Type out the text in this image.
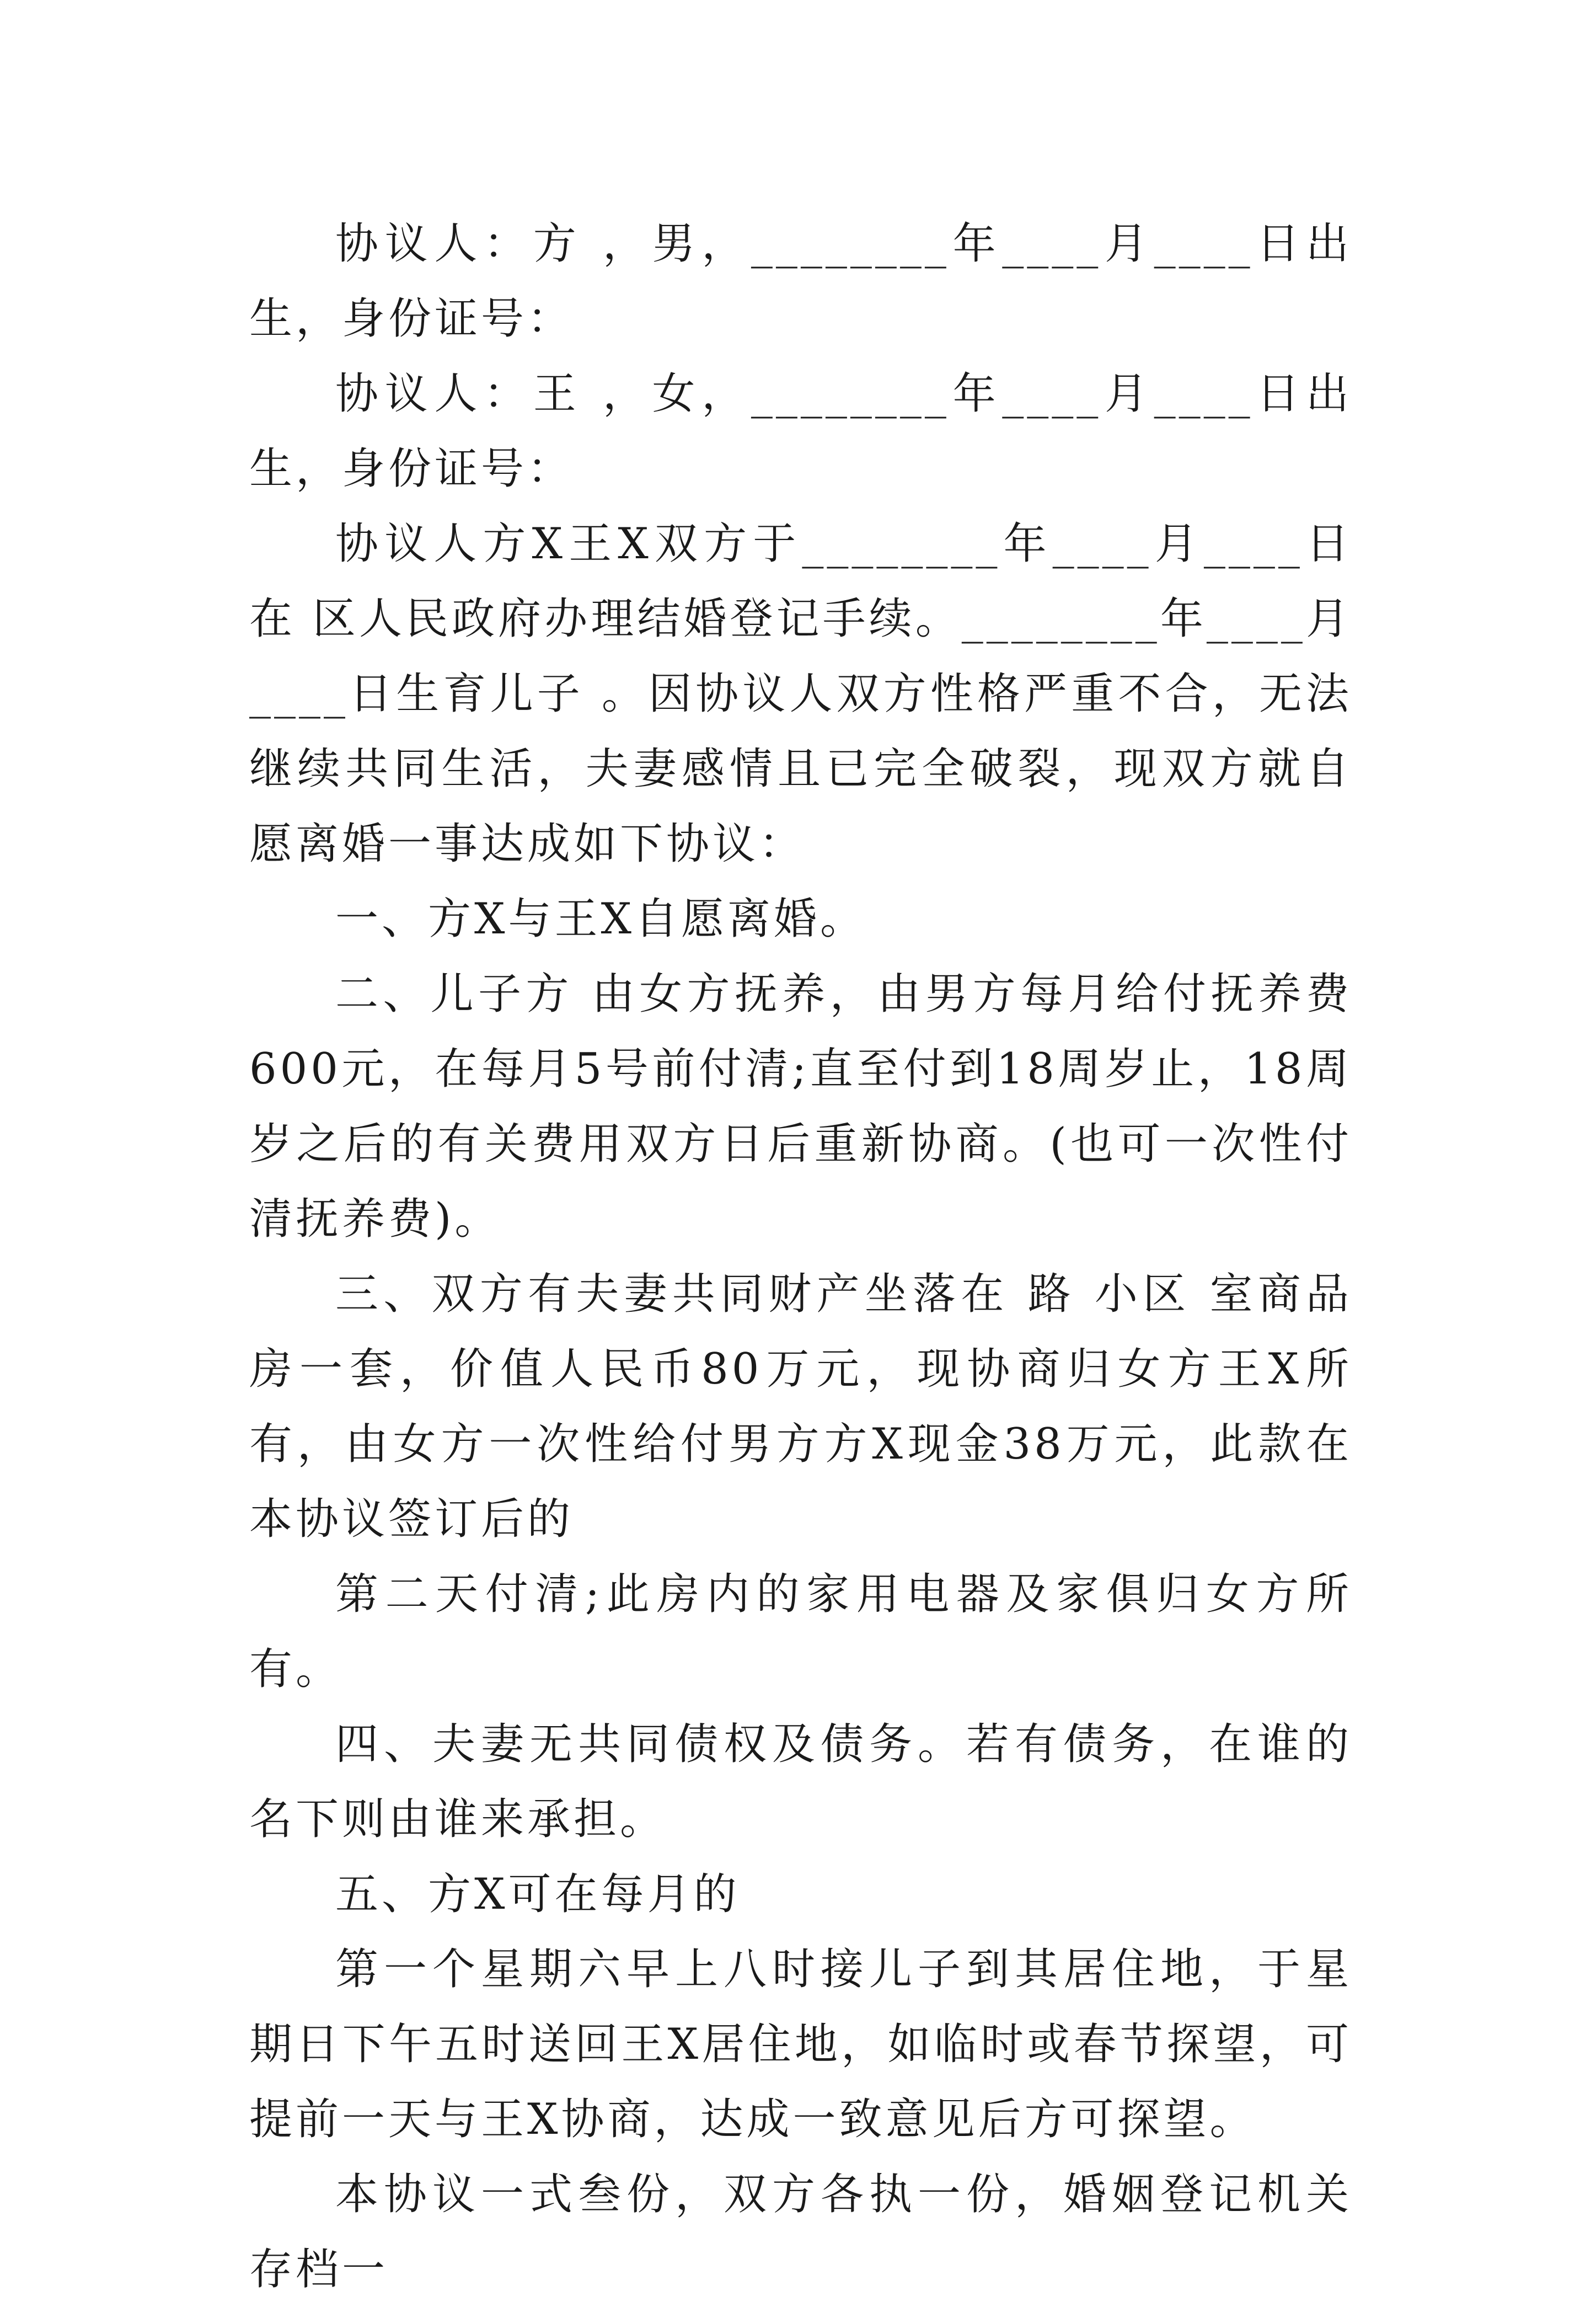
协议人：方 ，男，________年____月____日出生，身份证号：

协议人：王 ，女，________年____月____日出生，身份证号：

协议人方X王X双方于________年____月____日在 区人民政府办理结婚登记手续。________年____月____日生育儿子 。因协议人双方性格严重不合，无法继续共同生活，夫妻感情且已完全破裂，现双方就自愿离婚一事达成如下协议：

一、方X与王X自愿离婚。

二、儿子方 由女方抚养，由男方每月给付抚养费600元，在每月5号前付清;直至付到18周岁止，18周岁之后的有关费用双方日后重新协商。(也可一次性付清抚养费)。

三、双方有夫妻共同财产坐落在 路 小区 室商品房一套，价值人民币80万元，现协商归女方王X所有，由女方一次性给付男方方X现金38万元，此款在本协议签订后的

第二天付清;此房内的家用电器及家俱归女方所有。

四、夫妻无共同债权及债务。若有债务，在谁的名下则由谁来承担。

五、方X可在每月的

第一个星期六早上八时接儿子到其居住地，于星期日下午五时送回王X居住地，如临时或春节探望，可提前一天与王X协商，达成一致意见后方可探望。

本协议一式叁份，双方各执一份，婚姻登记机关存档一
